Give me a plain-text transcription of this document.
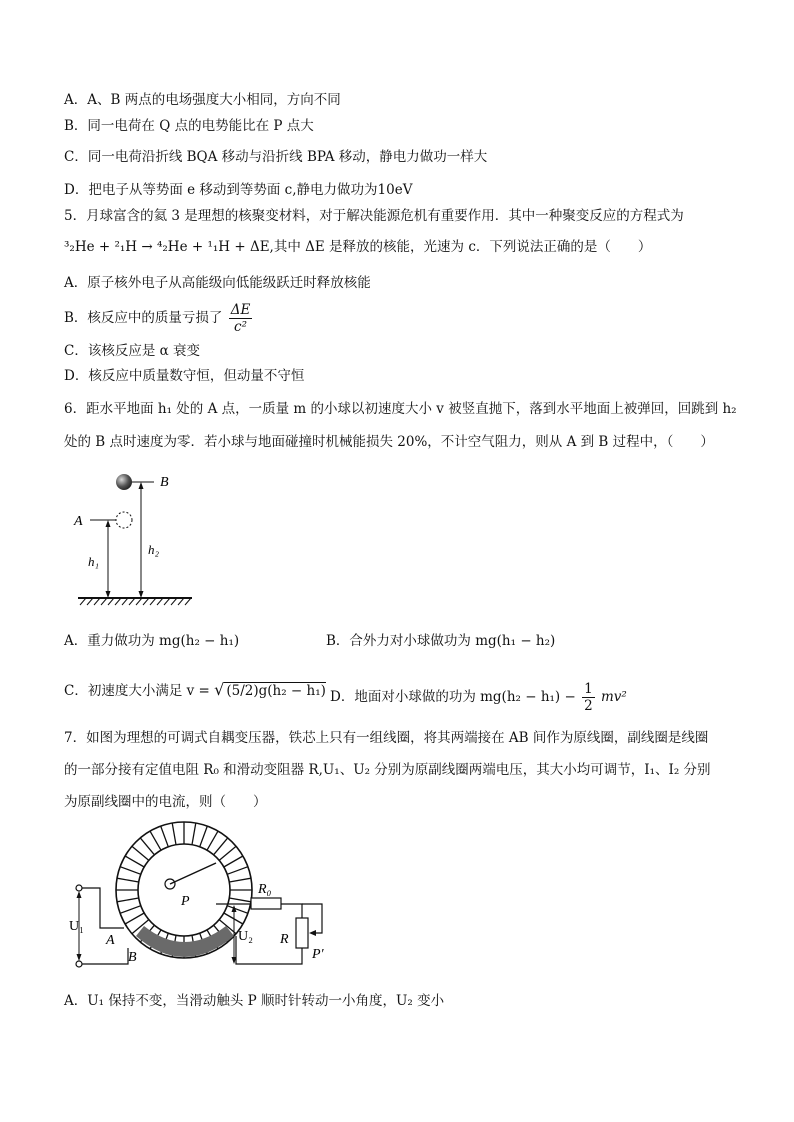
A．A、B 两点的电场强度大小相同，方向不同
B．同一电荷在 Q 点的电势能比在 P 点大
C．同一电荷沿折线 BQA 移动与沿折线 BPA 移动，静电力做功一样大
D．把电子从等势面 e 移动到等势面 c,静电力做功为10eV
5．月球富含的氦 3 是理想的核聚变材料，对于解决能源危机有重要作用．其中一种聚变反应的方程式为
³₂He + ²₁H → ⁴₂He + ¹₁H + ΔE,其中 ΔE 是释放的核能，光速为 c．下列说法正确的是（　　）
A．原子核外电子从高能级向低能级跃迁时释放核能
B．核反应中的质量亏损了 $\frac{\Delta E}{\text{c²}}$
C．该核反应是 α 衰变
D．核反应中质量数守恒，但动量不守恒
6．距水平地面 h₁ 处的 A 点，一质量 m 的小球以初速度大小 v 被竖直抛下，落到水平地面上被弹回，回跳到 h₂
处的 B 点时速度为零．若小球与地面碰撞时机械能损失 20%，不计空气阻力，则从 A 到 B 过程中，（　　）
B
A
h₁
h₂
A．重力做功为 mg(h₂ − h₁)	B．合外力对小球做功为 mg(h₁ − h₂)
C．初速度大小满足 v = √ (5/2)g(h₂ − h₁) D．地面对小球做的功为 $mg(h_2 - h_1) - \frac{1}{2} mv^2$
7．如图为理想的可调式自耦变压器，铁芯上只有一组线圈，将其两端接在 AB 间作为原线圈，副线圈是线圈
的一部分接有定值电阻 R₀ 和滑动变阻器 R,U₁、U₂ 分别为原副线圈两端电压，其大小均可调节，I₁、I₂ 分别
为原副线圈中的电流，则（　　）
P
U₁
A
B
R₀
R
P′
U₂
A．U₁ 保持不变，当滑动触头 P 顺时针转动一小角度，U₂ 变小
